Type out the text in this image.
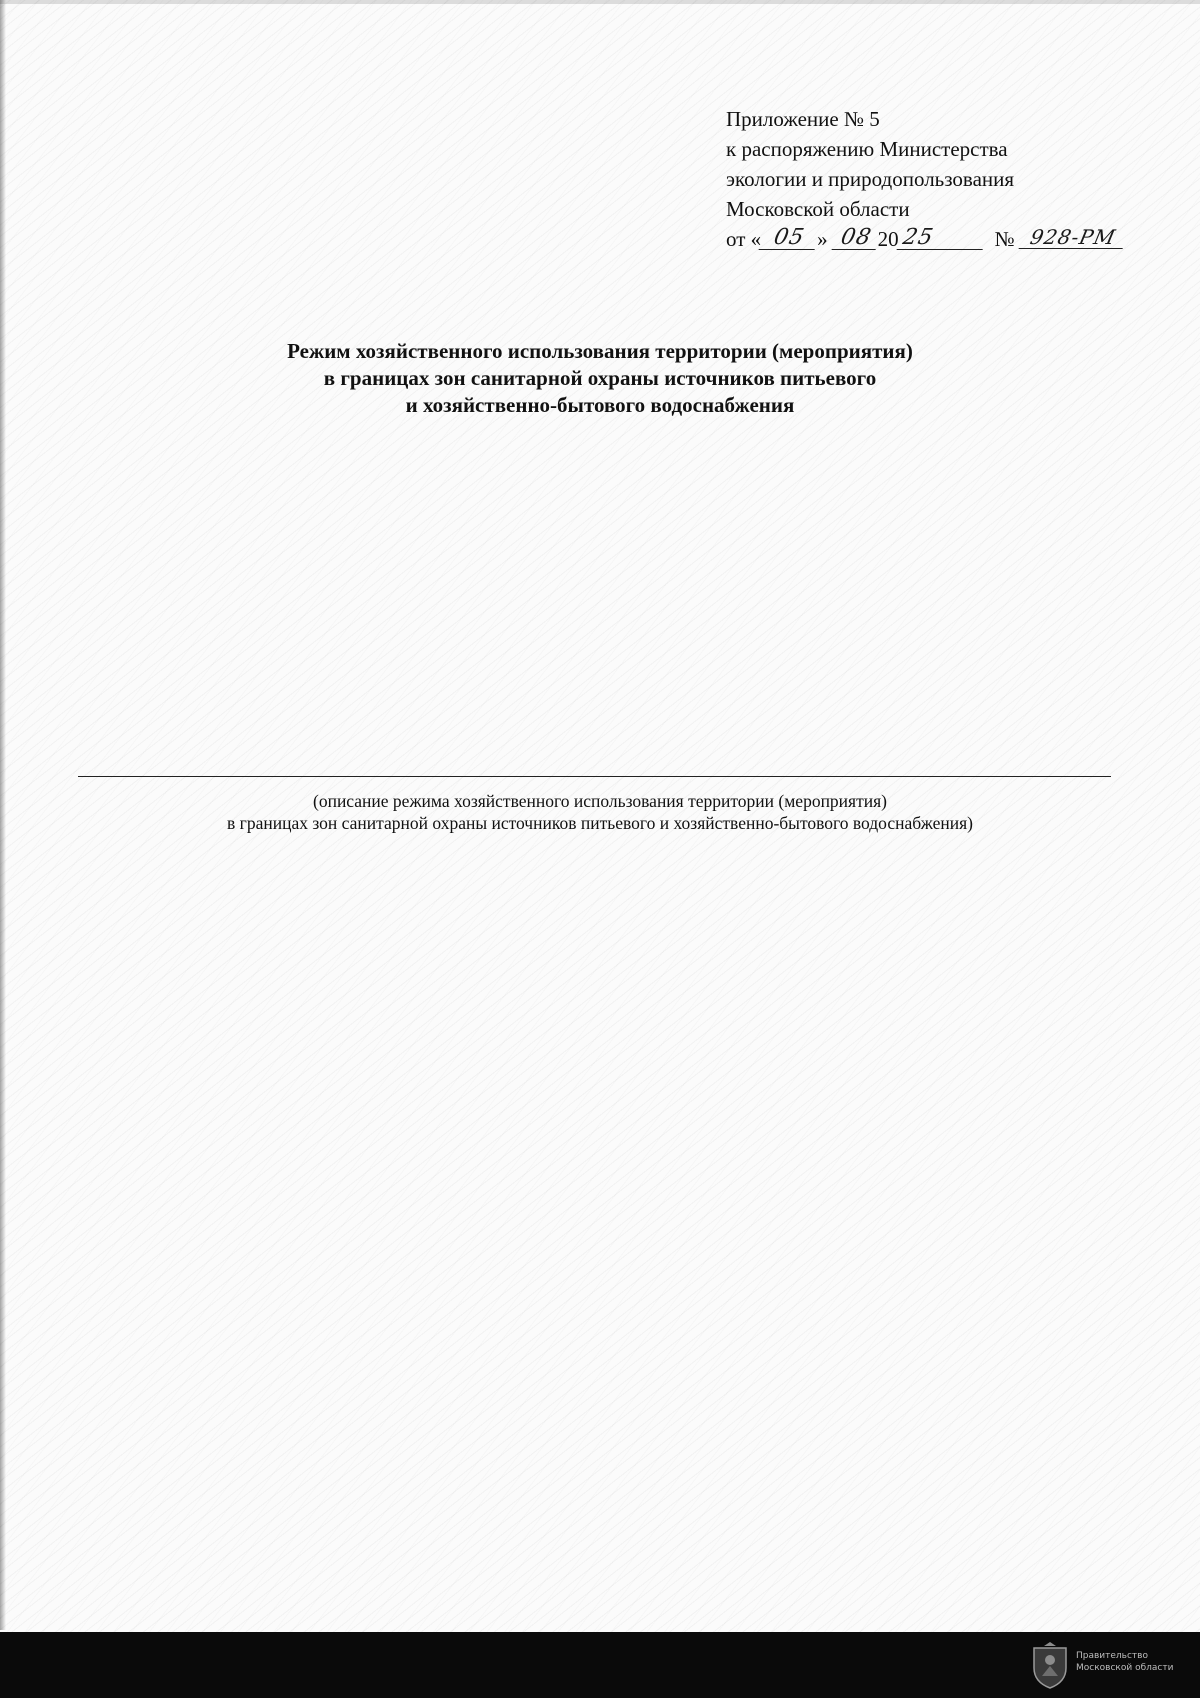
Приложение № 5
к распоряжению Министерства
экологии и природопользования
Московской области
от « 05 » 08 2025	№ 928-РМ
Режим хозяйственного использования территории (мероприятия)
в границах зон санитарной охраны источников питьевого
и хозяйственно-бытового водоснабжения
(описание режима хозяйственного использования территории (мероприятия)
в границах зон санитарной охраны источников питьевого и хозяйственно-бытового водоснабжения)
Правительство
Московской области
